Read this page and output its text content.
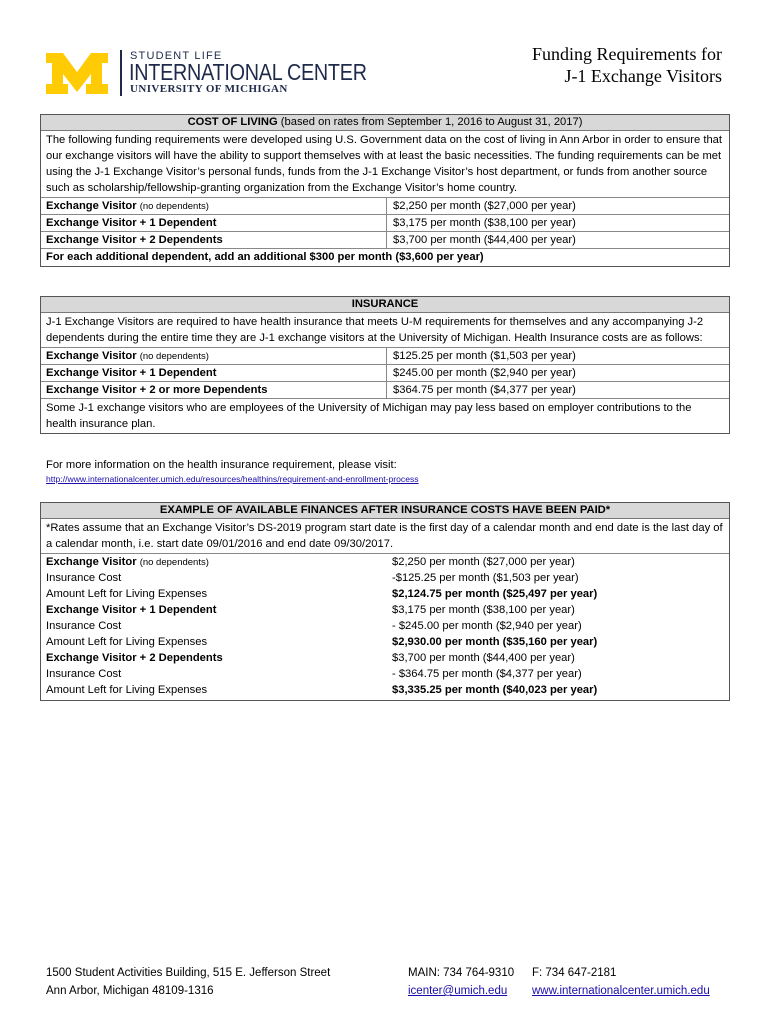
STUDENT LIFE
INTERNATIONAL CENTER
UNIVERSITY OF MICHIGAN
Funding Requirements for
J-1 Exchange Visitors
COST OF LIVING (based on rates from September 1, 2016 to August 31, 2017)
The following funding requirements were developed using U.S. Government data on the cost of living in Ann Arbor in order to ensure that our exchange visitors will have the ability to support themselves with at least the basic necessities. The funding requirements can be met using the J-1 Exchange Visitor’s personal funds, funds from the J-1 Exchange Visitor’s host department, or funds from another source such as scholarship/fellowship-granting organization from the Exchange Visitor’s home country.
Exchange Visitor (no dependents)	$2,250 per month ($27,000 per year)
Exchange Visitor + 1 Dependent	$3,175 per month ($38,100 per year)
Exchange Visitor + 2 Dependents	$3,700 per month ($44,400 per year)
For each additional dependent, add an additional $300 per month ($3,600 per year)
INSURANCE
J-1 Exchange Visitors are required to have health insurance that meets U-M requirements for themselves and any accompanying J-2 dependents during the entire time they are J-1 exchange visitors at the University of Michigan. Health Insurance costs are as follows:
Exchange Visitor (no dependents)	$125.25 per month ($1,503 per year)
Exchange Visitor + 1 Dependent	$245.00 per month ($2,940 per year)
Exchange Visitor + 2 or more Dependents	$364.75 per month ($4,377 per year)
Some J-1 exchange visitors who are employees of the University of Michigan may pay less based on employer contributions to the health insurance plan.
For more information on the health insurance requirement, please visit:
http://www.internationalcenter.umich.edu/resources/healthins/requirement-and-enrollment-process
EXAMPLE OF AVAILABLE FINANCES AFTER INSURANCE COSTS HAVE BEEN PAID*
*Rates assume that an Exchange Visitor’s DS-2019 program start date is the first day of a calendar month and end date is the last day of a calendar month, i.e. start date 09/01/2016 and end date 09/30/2017.
Exchange Visitor (no dependents)	$2,250 per month ($27,000 per year)
Insurance Cost	-$125.25 per month ($1,503 per year)
Amount Left for Living Expenses	$2,124.75 per month ($25,497 per year)
Exchange Visitor + 1 Dependent	$3,175 per month ($38,100 per year)
Insurance Cost	- $245.00 per month ($2,940 per year)
Amount Left for Living Expenses	$2,930.00 per month ($35,160 per year)
Exchange Visitor + 2 Dependents	$3,700 per month ($44,400 per year)
Insurance Cost	- $364.75 per month ($4,377 per year)
Amount Left for Living Expenses	$3,335.25 per month ($40,023 per year)
1500 Student Activities Building, 515 E. Jefferson Street
Ann Arbor, Michigan 48109-1316
MAIN: 734 764-9310
icenter@umich.edu
F: 734 647-2181
www.internationalcenter.umich.edu
